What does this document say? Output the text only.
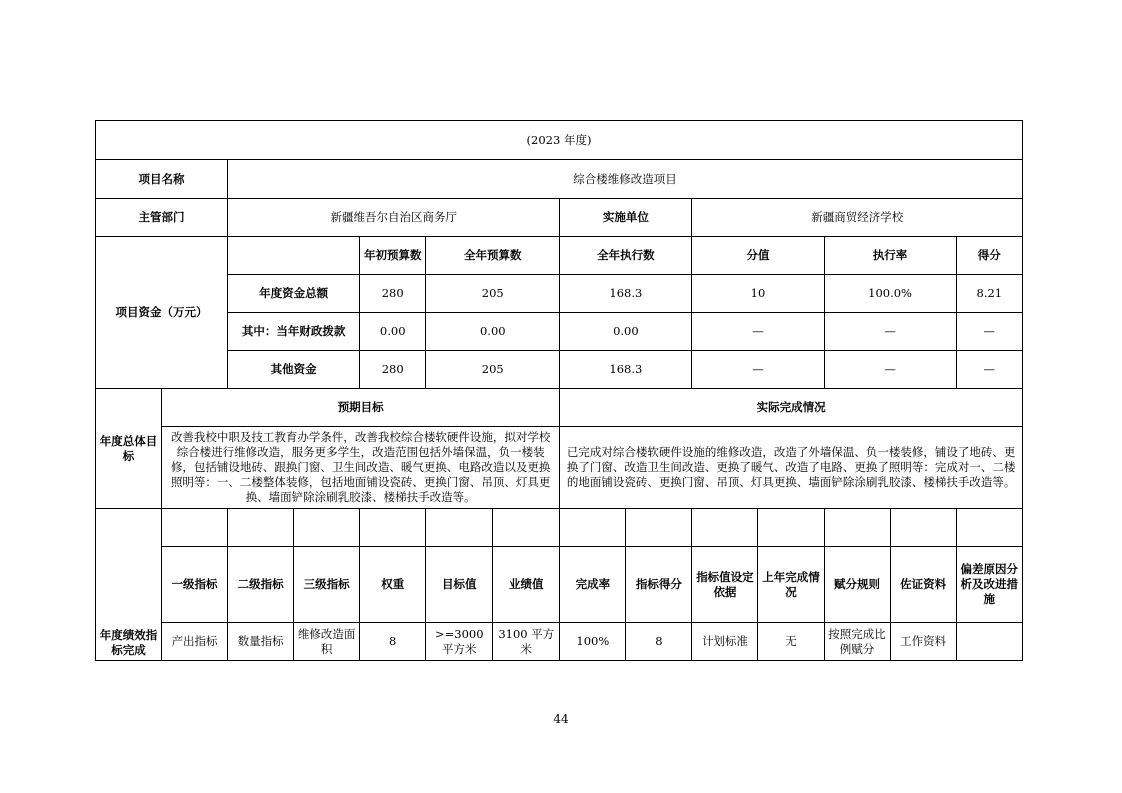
(2023 年度)													
项目名称		综合楼维修改造项目											
主管部门		新疆维吾尔自治区商务厅					实施单位		新疆商贸经济学校				
项目资金（万元）				年初预算数	全年预算数		全年执行数		分值		执行率		得分
		年度资金总额		280	205		168.3		10		100.0%		8.21
		其中：当年财政拨款		0.00	0.00		0.00		—		—		—
		其他资金		280	205		168.3		—		—		—
年度总体目标	预期目标						实际完成情况						
	改善我校中职及技工教育办学条件，改善我校综合楼软硬件设施，拟对学校综合楼进行维修改造，服务更多学生，改造范围包括外墙保温，负一楼装修，包括铺设地砖、跟换门窗、卫生间改造、暖气更换、电路改造以及更换照明等：一、二楼整体装修，包括地面铺设瓷砖、更换门窗、吊顶、灯具更换、墙面铲除涂刷乳胶漆、楼梯扶手改造等。						已完成对综合楼软硬件设施的维修改造，改造了外墙保温、负一楼装修，铺设了地砖、更换了门窗、改造卫生间改造、更换了暖气、改造了电路、更换了照明等：完成对一、二楼的地面铺设瓷砖、更换门窗、吊顶、灯具更换、墙面铲除涂刷乳胶漆、楼梯扶手改造等。						
年度绩效指标完成													
	一级指标	二级指标	三级指标	权重	目标值	业绩值	完成率	指标得分	指标值设定依据	上年完成情况	赋分规则	佐证资料	偏差原因分析及改进措施
	产出指标	数量指标	维修改造面积	8	>=3000 平方米	3100 平方米	100%	8	计划标准	无	按照完成比例赋分	工作资料	
44
